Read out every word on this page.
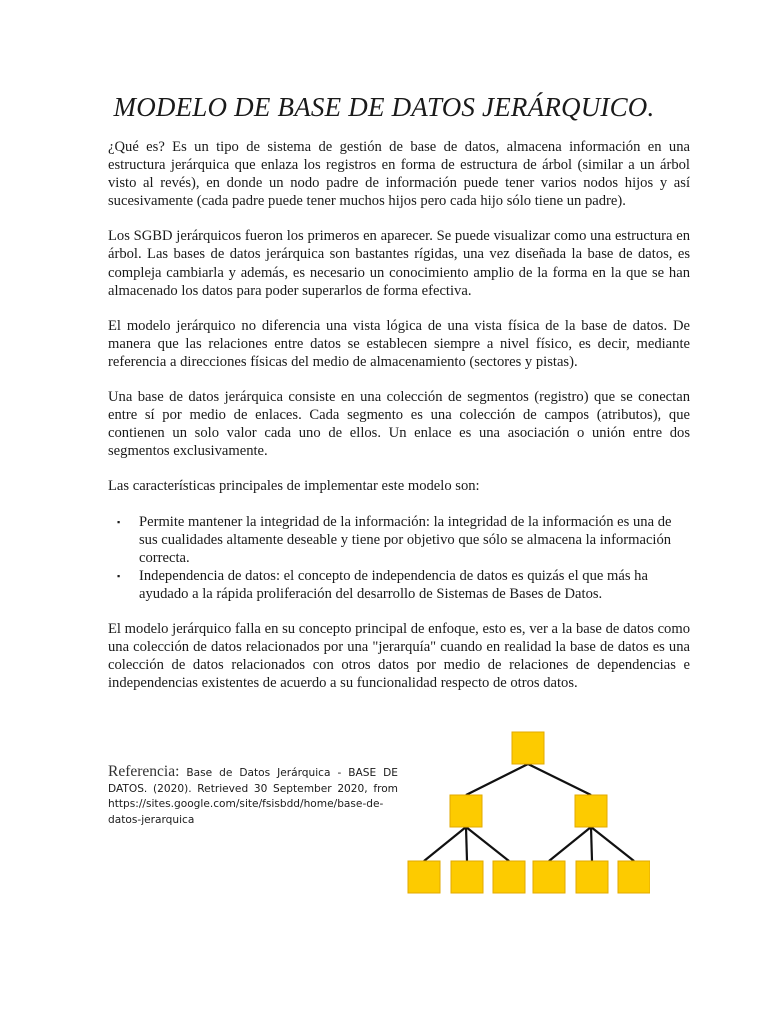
MODELO DE BASE DE DATOS JERÁRQUICO.

¿Qué es? Es un tipo de sistema de gestión de base de datos, almacena información en una estructura jerárquica que enlaza los registros en forma de estructura de árbol (similar a un árbol visto al revés), en donde un nodo padre de información puede tener varios nodos hijos y así sucesivamente (cada padre puede tener muchos hijos pero cada hijo sólo tiene un padre).

Los SGBD jerárquicos fueron los primeros en aparecer. Se puede visualizar como una estructura en árbol. Las bases de datos jerárquica son bastantes rígidas, una vez diseñada la base de datos, es compleja cambiarla y además, es necesario un conocimiento amplio de la forma en la que se han almacenado los datos para poder superarlos de forma efectiva.

El modelo jerárquico no diferencia una vista lógica de una vista física de la base de datos. De manera que las relaciones entre datos se establecen siempre a nivel físico, es decir, mediante referencia a direcciones físicas del medio de almacenamiento (sectores y pistas).

Una base de datos jerárquica consiste en una colección de segmentos (registro) que se conectan entre sí por medio de enlaces. Cada segmento es una colección de campos (atributos), que contienen un solo valor cada uno de ellos. Un enlace es una asociación o unión entre dos segmentos exclusivamente.

Las características principales de implementar este modelo son:

▪ Permite mantener la integridad de la información: la integridad de la información es una de sus cualidades altamente deseable y tiene por objetivo que sólo se almacena la información correcta.
▪ Independencia de datos: el concepto de independencia de datos es quizás el que más ha ayudado a la rápida proliferación del desarrollo de Sistemas de Bases de Datos.

El modelo jerárquico falla en su concepto principal de enfoque, esto es, ver a la base de datos como una colección de datos relacionados por una "jerarquía" cuando en realidad la base de datos es una colección de datos relacionados con otros datos por medio de relaciones de dependencias e independencias existentes de acuerdo a su funcionalidad respecto de otros datos.

Referencia: Base de Datos Jerárquica - BASE DE DATOS. (2020). Retrieved 30 September 2020, from https://sites.google.com/site/fsisbdd/home/base-de-datos-jerarquica
